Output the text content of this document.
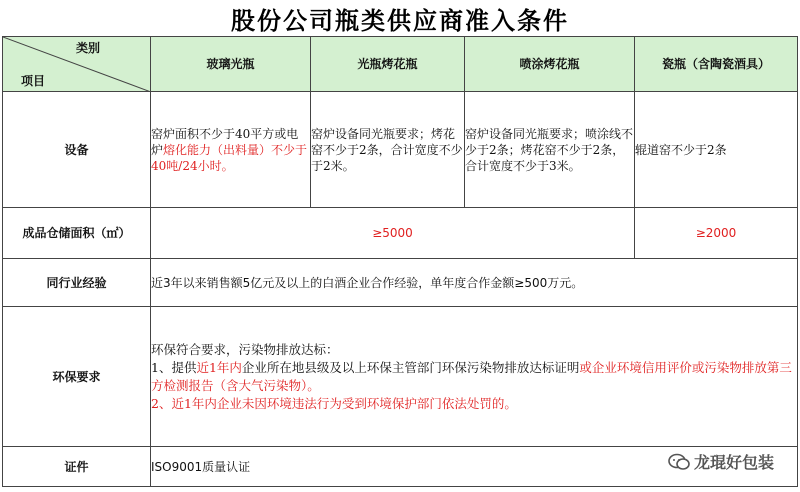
股份公司瓶类供应商准入条件
类别
项目	玻璃光瓶	光瓶烤花瓶	喷涂烤花瓶	瓷瓶（含陶瓷酒具）
设备	窑炉面积不少于40平方或电炉熔化能力（出料量）不少于40吨/24小时。	窑炉设备同光瓶要求；烤花窑不少于2条，合计宽度不少于2米。	窑炉设备同光瓶要求；喷涂线不少于2条；烤花窑不少于2条，合计宽度不少于3米。	辊道窑不少于2条
成品仓储面积（㎡）	≥5000			≥2000
同行业经验	近3年以来销售额5亿元及以上的白酒企业合作经验，单年度合作金额≥500万元。			
环保要求	环保符合要求，污染物排放达标：
1、提供近1年内企业所在地县级及以上环保主管部门环保污染物排放达标证明或企业环境信用评价或污染物排放第三方检测报告（含大气污染物）。
2、近1年内企业未因环境违法行为受到环境保护部门依法处罚的。			

证件	ISO9001质量认证				龙琨好包装
